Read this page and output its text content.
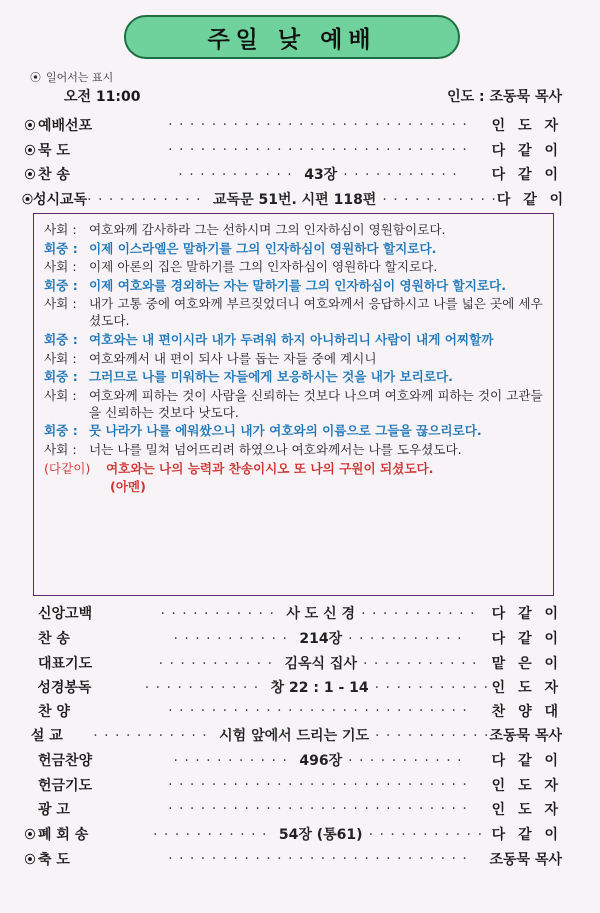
주일 낮 예배
⦿ 일어서는 표시
오전 11:00	인도 : 조동묵 목사
⦿ 예배선포	· · · · · · · · · · · · · · · · · · · · · · · · · · · ·	인 도 자
⦿ 묵 도	· · · · · · · · · · · · · · · · · · · · · · · · · · · ·	다 같 이
⦿ 찬 송	· · · · · · · · · · · 43장 · · · · · · · · · · ·	다 같 이
⦿ 성시교독 · · · · · · · · · · · 교독문 51번. 시편 118편 · · · · · · · · · · · 다 같 이
사회 : 여호와께 감사하라 그는 선하시며 그의 인자하심이 영원함이로다.
회중 : 이제 이스라엘은 말하기를 그의 인자하심이 영원하다 할지로다.
사회 : 이제 아론의 집은 말하기를 그의 인자하심이 영원하다 할지로다.
회중 : 이제 여호와를 경외하는 자는 말하기를 그의 인자하심이 영원하다 할지로다.
사회 : 내가 고통 중에 여호와께 부르짖었더니 여호와께서 응답하시고 나를 넓은 곳에 세우셨도다.
회중 : 여호와는 내 편이시라 내가 두려워 하지 아니하리니 사람이 내게 어찌할까
사회 : 여호와께서 내 편이 되사 나를 돕는 자들 중에 계시니
회중 : 그러므로 나를 미워하는 자들에게 보응하시는 것을 내가 보리로다.
사회 : 여호와께 피하는 것이 사람을 신뢰하는 것보다 나으며 여호와께 피하는 것이 고관들을 신뢰하는 것보다 낫도다.
회중 : 뭇 나라가 나를 에워쌌으니 내가 여호와의 이름으로 그들을 끊으리로다.
사회 : 너는 나를 밀쳐 넘어뜨리려 하였으나 여호와께서는 나를 도우셨도다.
(다같이)	여호와는 나의 능력과 찬송이시오 또 나의 구원이 되셨도다.
(아멘)
신앙고백	· · · · · · · · · · · 사 도 신 경 · · · · · · · · · · ·	다 같 이
찬 송	· · · · · · · · · · · 214장 · · · · · · · · · · ·	다 같 이
대표기도	· · · · · · · · · · · 김옥식 집사 · · · · · · · · · · ·	맡 은 이
성경봉독	· · · · · · · · · · · 창 22 : 1 - 14 · · · · · · · · · · · 인 도 자
찬 양	· · · · · · · · · · · · · · · · · · · · · · · · · · · ·	찬 양 대
설 교	· · · · · · · · · · · 시험 앞에서 드리는 기도 · · · · · · · · · · · 조동묵 목사
헌금찬양	· · · · · · · · · · · 496장 · · · · · · · · · · ·	다 같 이
헌금기도	· · · · · · · · · · · · · · · · · · · · · · · · · · · ·	인 도 자
광 고	· · · · · · · · · · · · · · · · · · · · · · · · · · · ·	인 도 자
⦿ 폐 회 송	· · · · · · · · · · · 54장 (통61) · · · · · · · · · · · 다 같 이
⦿ 축 도	· · · · · · · · · · · · · · · · · · · · · · · · · · · ·	조동묵 목사
